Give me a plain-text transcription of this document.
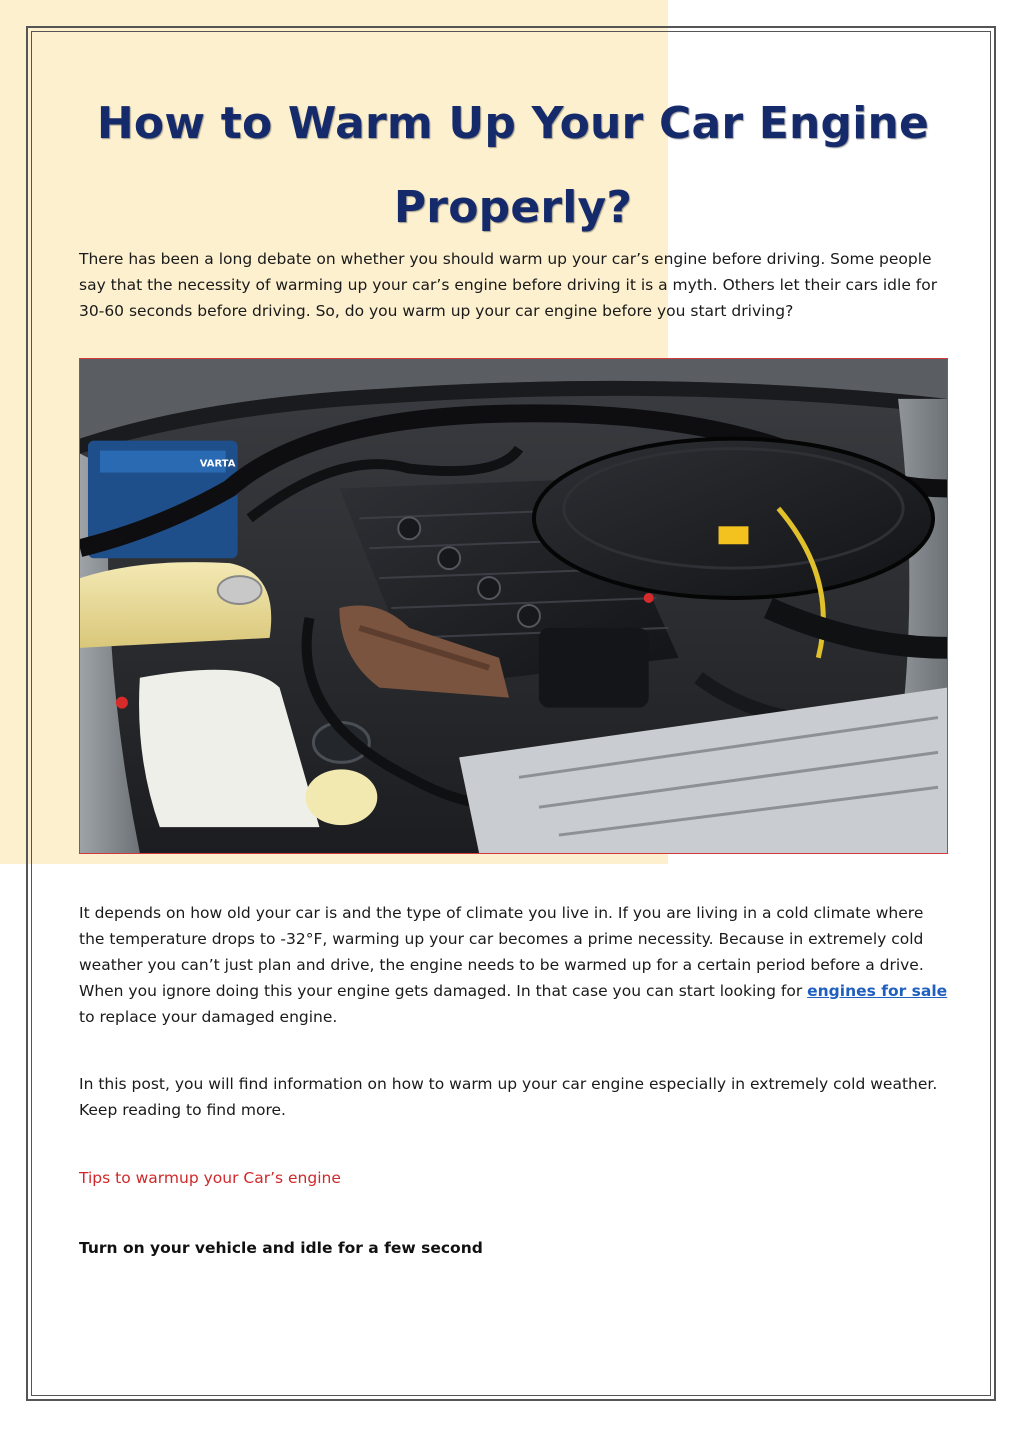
How to Warm Up Your Car Engine Properly?

There has been a long debate on whether you should warm up your car’s engine before driving. Some people say that the necessity of warming up your car’s engine before driving it is a myth. Others let their cars idle for 30-60 seconds before driving. So, do you warm up your car engine before you start driving?

VARTA

It depends on how old your car is and the type of climate you live in. If you are living in a cold climate where the temperature drops to -32°F, warming up your car becomes a prime necessity. Because in extremely cold weather you can’t just plan and drive, the engine needs to be warmed up for a certain period before a drive. When you ignore doing this your engine gets damaged. In that case you can start looking for engines for sale to replace your damaged engine.

In this post, you will find information on how to warm up your car engine especially in extremely cold weather. Keep reading to find more.

Tips to warmup your Car’s engine

Turn on your vehicle and idle for a few second
